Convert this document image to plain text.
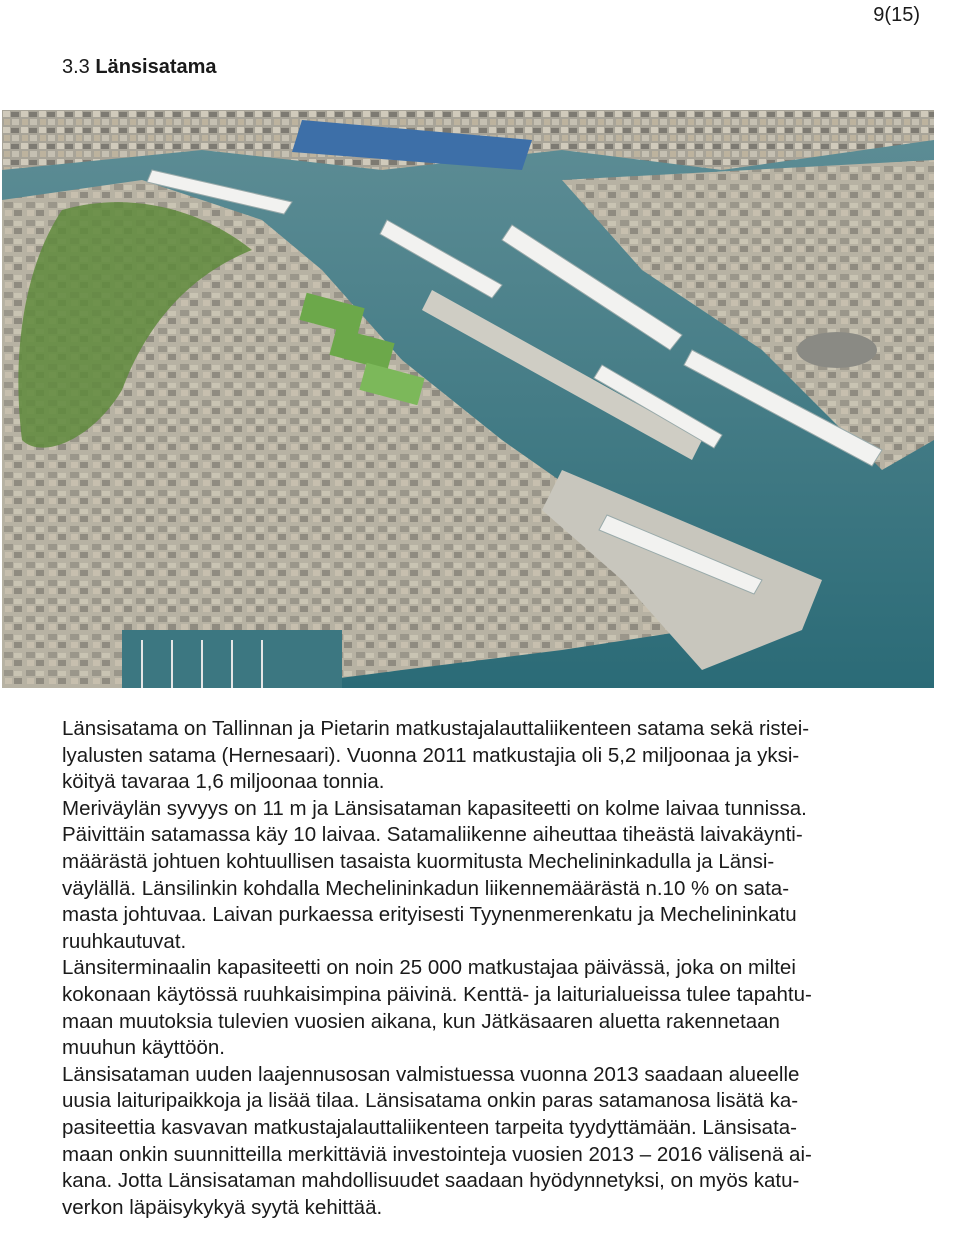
9(15)
3.3 Länsisatama
Länsisatama on Tallinnan ja Pietarin matkustajalauttaliikenteen satama sekä ristei-
lyalusten satama (Hernesaari). Vuonna 2011 matkustajia oli 5,2 miljoonaa ja yksi-
köityä tavaraa 1,6 miljoonaa tonnia.
Meriväylän syvyys on 11 m ja Länsisataman kapasiteetti on kolme laivaa tunnissa.
Päivittäin satamassa käy 10 laivaa. Satamaliikenne aiheuttaa tiheästä laivakäynti-
määrästä johtuen kohtuullisen tasaista kuormitusta Mechelininkadulla ja Länsi-
väylällä. Länsilinkin kohdalla Mechelininkadun liikennemäärästä n.10 % on sata-
masta johtuvaa. Laivan purkaessa erityisesti Tyynenmerenkatu ja Mechelininkatu
ruuhkautuvat.
Länsiterminaalin kapasiteetti on noin 25 000 matkustajaa päivässä, joka on miltei
kokonaan käytössä ruuhkaisimpina päivinä. Kenttä- ja laiturialueissa tulee tapahtu-
maan muutoksia tulevien vuosien aikana, kun Jätkäsaaren aluetta rakennetaan
muuhun käyttöön.
Länsisataman uuden laajennusosan valmistuessa vuonna 2013 saadaan alueelle
uusia laituripaikkoja ja lisää tilaa. Länsisatama onkin paras satamanosa lisätä ka-
pasiteettia kasvavan matkustajalauttaliikenteen tarpeita tyydyttämään. Länsisata-
maan onkin suunnitteilla merkittäviä investointeja vuosien 2013 – 2016 välisenä ai-
kana. Jotta Länsisataman mahdollisuudet saadaan hyödynnetyksi, on myös katu-
verkon läpäisykykyä syytä kehittää.
